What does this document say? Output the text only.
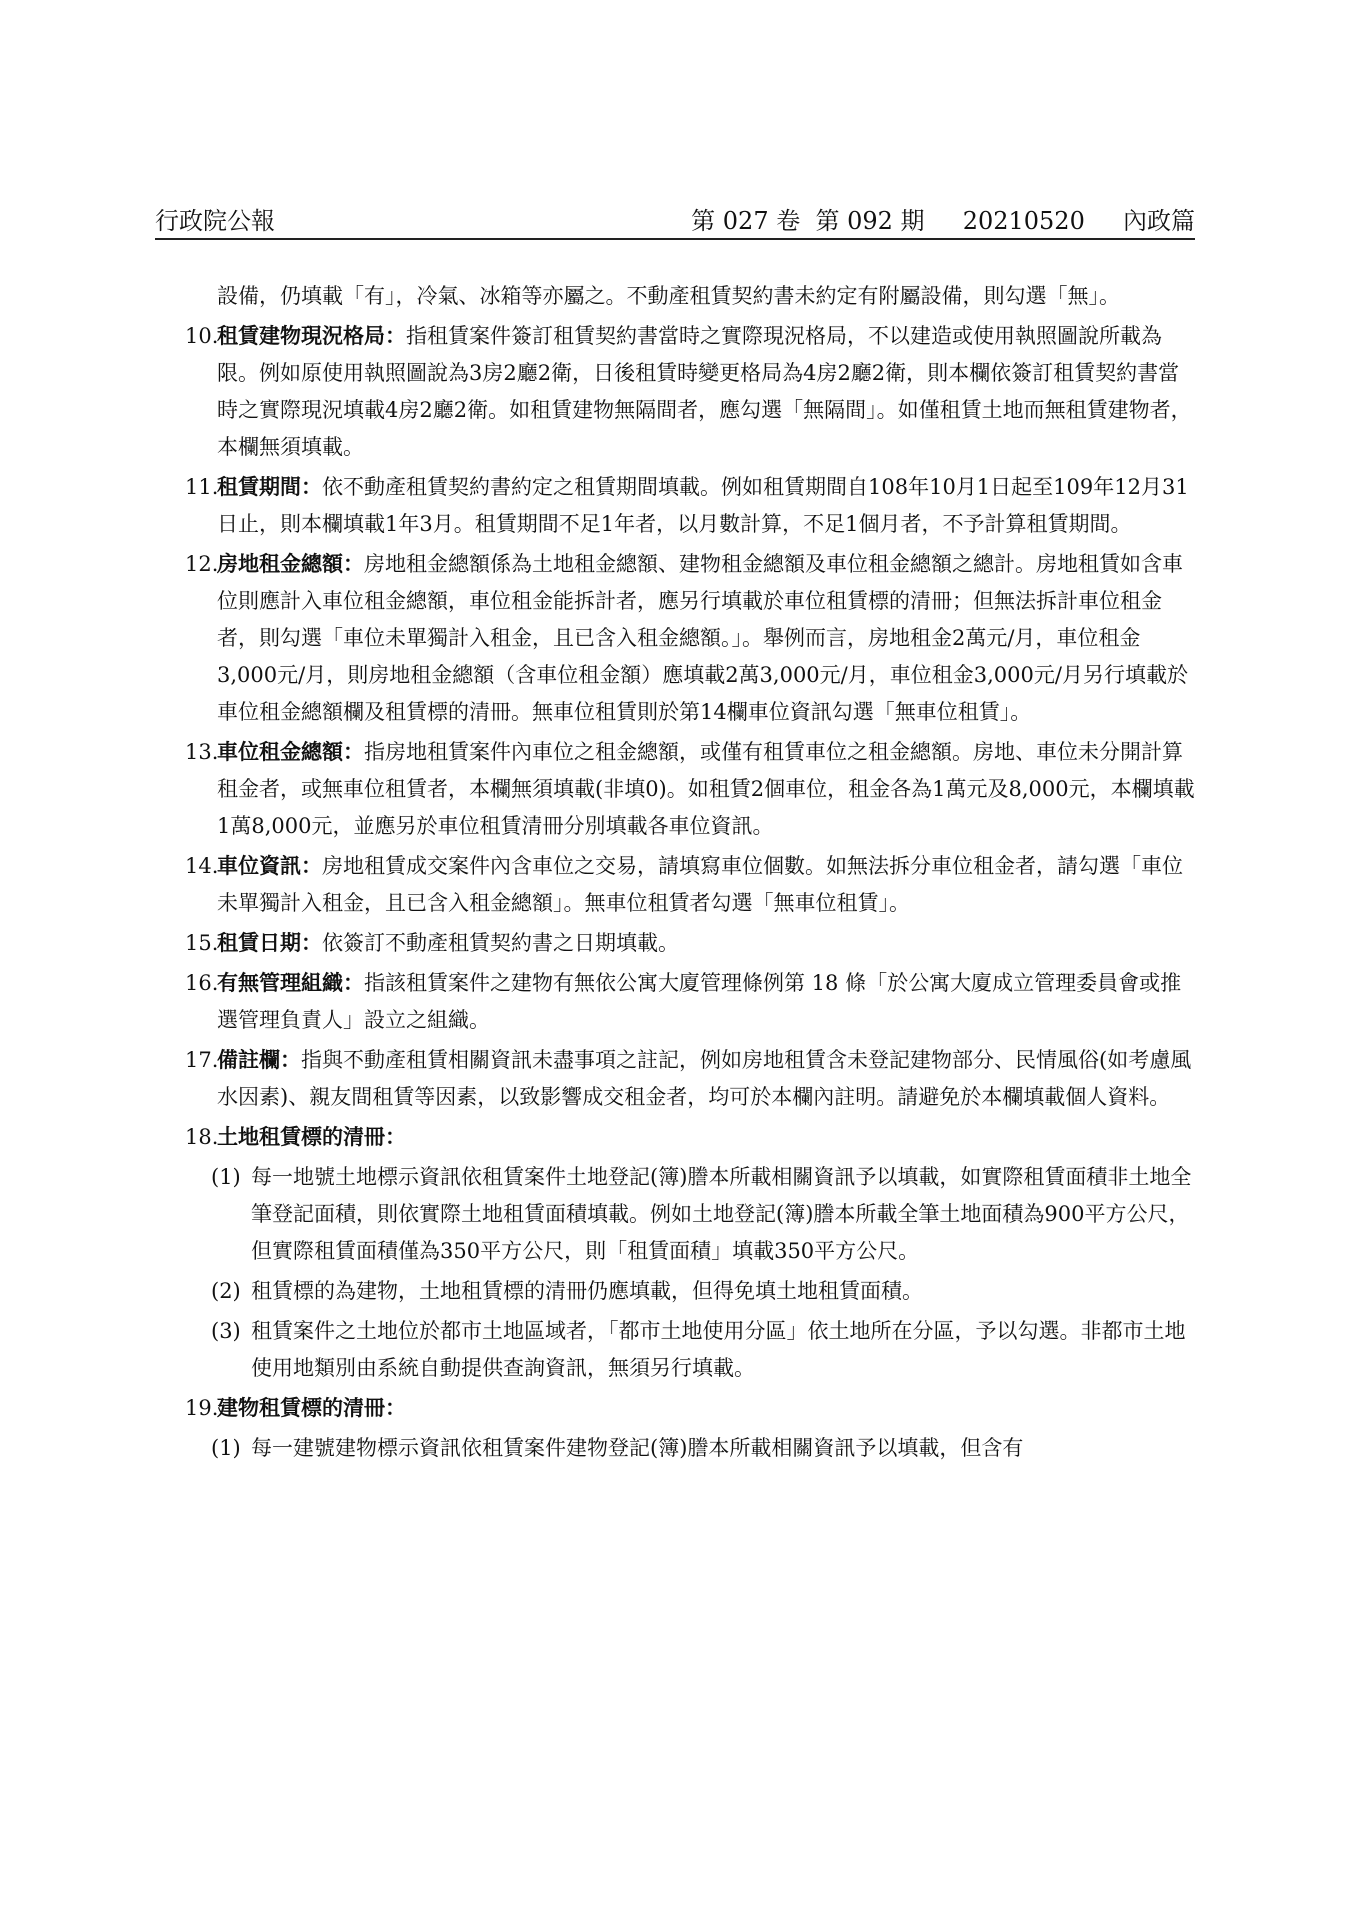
行政院公報	第 027 卷  第 092 期     20210520     內政篇
設備，仍填載「有」，冷氣、冰箱等亦屬之。不動產租賃契約書未約定有附屬設備，則勾選「無」。
10.
租賃建物現況格局：指租賃案件簽訂租賃契約書當時之實際現況格局，不以建造或使用執照圖說所載為限。例如原使用執照圖說為3房2廳2衛，日後租賃時變更格局為4房2廳2衛，則本欄依簽訂租賃契約書當時之實際現況填載4房2廳2衛。如租賃建物無隔間者，應勾選「無隔間」。如僅租賃土地而無租賃建物者，本欄無須填載。
11.
租賃期間：依不動產租賃契約書約定之租賃期間填載。例如租賃期間自108年10月1日起至109年12月31日止，則本欄填載1年3月。租賃期間不足1年者，以月數計算，不足1個月者，不予計算租賃期間。
12.
房地租金總額：房地租金總額係為土地租金總額、建物租金總額及車位租金總額之總計。房地租賃如含車位則應計入車位租金總額，車位租金能拆計者，應另行填載於車位租賃標的清冊；但無法拆計車位租金者，則勾選「車位未單獨計入租金，且已含入租金總額。」。舉例而言，房地租金2萬元/月，車位租金3,000元/月，則房地租金總額（含車位租金額）應填載2萬3,000元/月，車位租金3,000元/月另行填載於車位租金總額欄及租賃標的清冊。無車位租賃則於第14欄車位資訊勾選「無車位租賃」。
13.
車位租金總額：指房地租賃案件內車位之租金總額，或僅有租賃車位之租金總額。房地、車位未分開計算租金者，或無車位租賃者，本欄無須填載(非填0)。如租賃2個車位，租金各為1萬元及8,000元，本欄填載1萬8,000元，並應另於車位租賃清冊分別填載各車位資訊。
14.
車位資訊：房地租賃成交案件內含車位之交易，請填寫車位個數。如無法拆分車位租金者，請勾選「車位未單獨計入租金，且已含入租金總額」。無車位租賃者勾選「無車位租賃」。
15.
租賃日期：依簽訂不動產租賃契約書之日期填載。
16.
有無管理組織：指該租賃案件之建物有無依公寓大廈管理條例第 18 條「於公寓大廈成立管理委員會或推選管理負責人」設立之組織。
17.
備註欄：指與不動產租賃相關資訊未盡事項之註記，例如房地租賃含未登記建物部分、民情風俗(如考慮風水因素)、親友間租賃等因素，以致影響成交租金者，均可於本欄內註明。請避免於本欄填載個人資料。
18.
土地租賃標的清冊：
(1) 每一地號土地標示資訊依租賃案件土地登記(簿)謄本所載相關資訊予以填載，如實際租賃面積非土地全筆登記面積，則依實際土地租賃面積填載。例如土地登記(簿)謄本所載全筆土地面積為900平方公尺，但實際租賃面積僅為350平方公尺，則「租賃面積」填載350平方公尺。
(2) 租賃標的為建物，土地租賃標的清冊仍應填載，但得免填土地租賃面積。
(3) 租賃案件之土地位於都市土地區域者，「都市土地使用分區」依土地所在分區，予以勾選。非都市土地使用地類別由系統自動提供查詢資訊，無須另行填載。
19.
建物租賃標的清冊：
(1) 每一建號建物標示資訊依租賃案件建物登記(簿)謄本所載相關資訊予以填載，但含有
